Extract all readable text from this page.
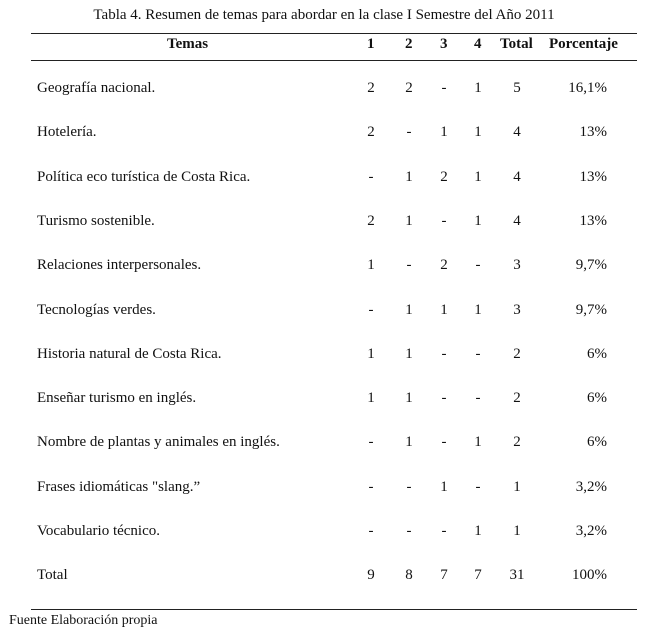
Tabla 4. Resumen de temas para abordar en la clase I Semestre del Año 2011
Temas	1 2 3 4 Total Porcentaje
Geografía nacional.	2	2	-	1	5	16,1%
Hotelería.	2	-	1	1	4	13%
Política eco turística de Costa Rica.	-	1	2	1	4	13%
Turismo sostenible.	2	1	-	1	4	13%
Relaciones interpersonales.	1	-	2	-	3	9,7%
Tecnologías verdes.	-	1	1	1	3	9,7%
Historia natural de Costa Rica.	1	1	-	-	2	6%
Enseñar turismo en inglés.	1	1	-	-	2	6%
Nombre de plantas y animales en inglés.	-	1	-	1	2	6%
Frases idiomáticas "slang.”	-	-	1	-	1	3,2%
Vocabulario técnico.	-	-	-	1	1	3,2%
Total	9	8	7	7	31	100%
Fuente Elaboración propia
